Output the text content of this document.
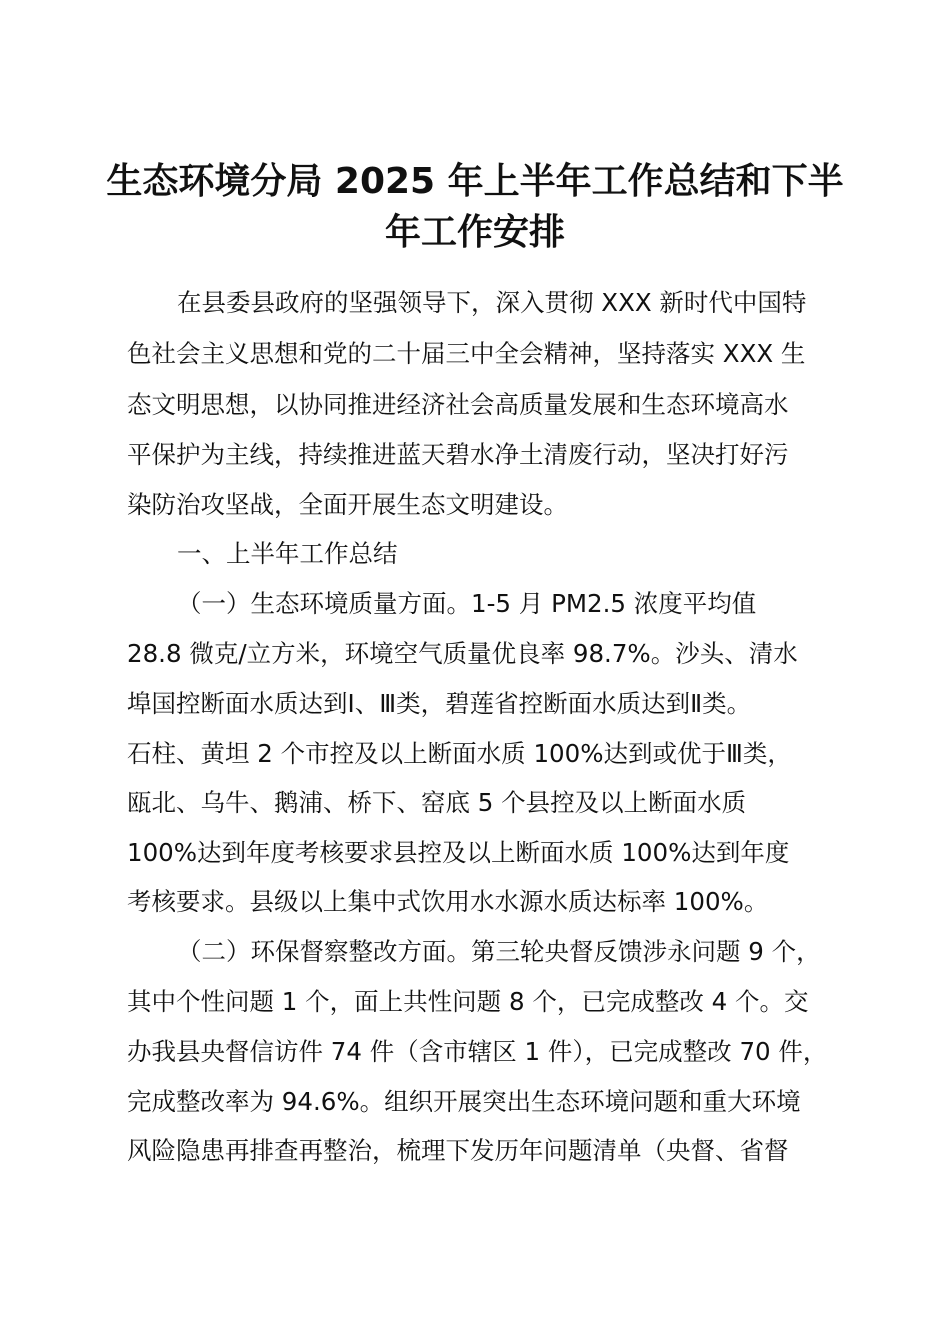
生态环境分局 2025 年上半年工作总结和下半
年工作安排

在县委县政府的坚强领导下，深入贯彻 XXX 新时代中国特

色社会主义思想和党的二十届三中全会精神，坚持落实 XXX 生

态文明思想，以协同推进经济社会高质量发展和生态环境高水

平保护为主线，持续推进蓝天碧水净土清废行动，坚决打好污

染防治攻坚战，全面开展生态文明建设。

一、上半年工作总结

（一）生态环境质量方面。1-5 月 PM2.5 浓度平均值

28.8 微克/立方米，环境空气质量优良率 98.7%。沙头、清水

埠国控断面水质达到Ⅰ、Ⅲ类，碧莲省控断面水质达到Ⅱ类。

石柱、黄坦 2 个市控及以上断面水质 100%达到或优于Ⅲ类，

瓯北、乌牛、鹅浦、桥下、窑底 5 个县控及以上断面水质

100%达到年度考核要求县控及以上断面水质 100%达到年度

考核要求。县级以上集中式饮用水水源水质达标率 100%。

（二）环保督察整改方面。第三轮央督反馈涉永问题 9 个，

其中个性问题 1 个，面上共性问题 8 个，已完成整改 4 个。交

办我县央督信访件 74 件（含市辖区 1 件），已完成整改 70 件，

完成整改率为 94.6%。组织开展突出生态环境问题和重大环境

风险隐患再排查再整治，梳理下发历年问题清单（央督、省督
